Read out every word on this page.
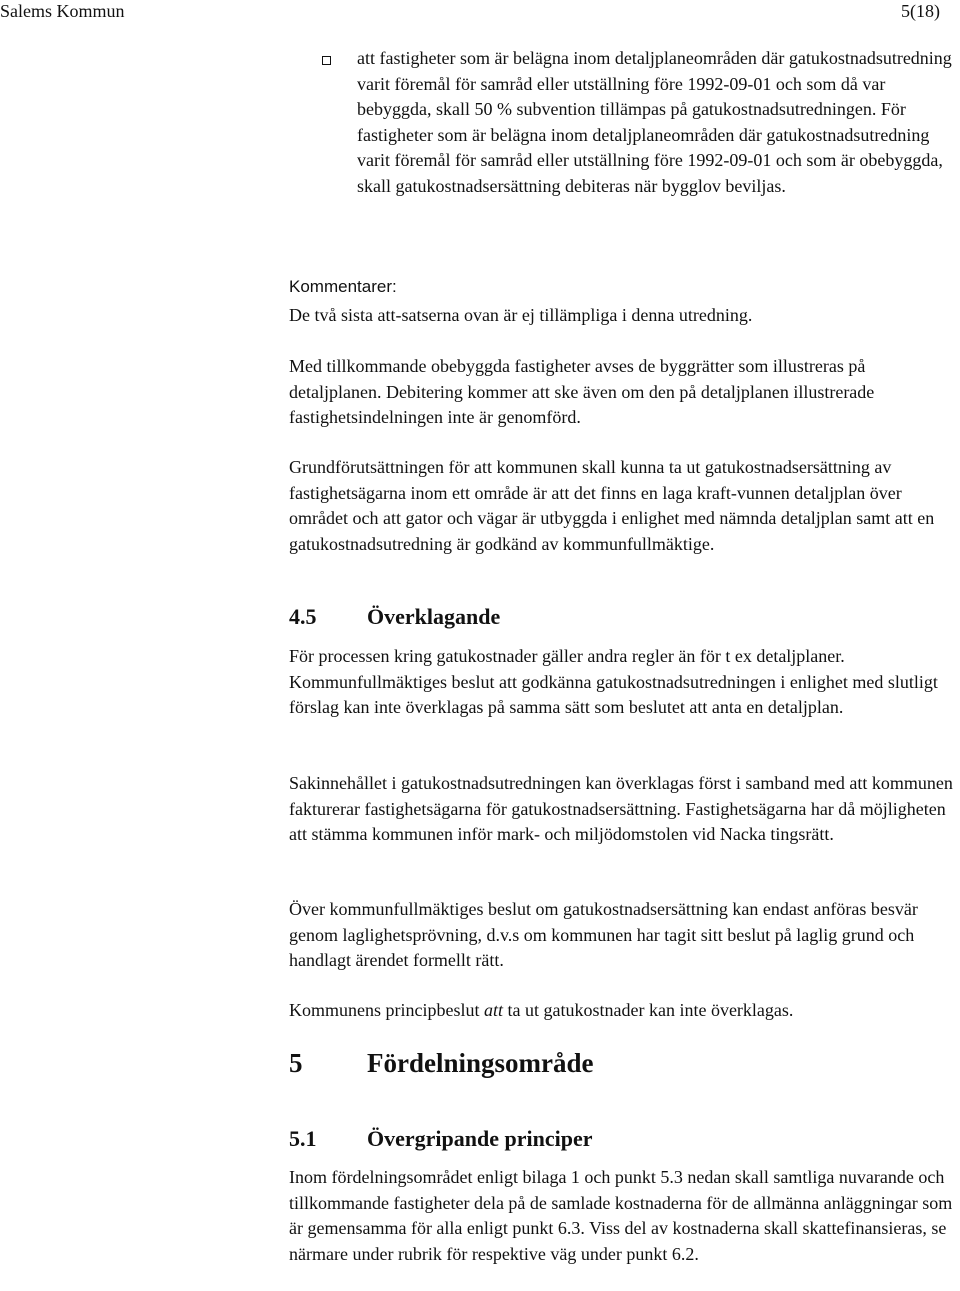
Salems Kommun	5(18)
att fastigheter som är belägna inom detaljplaneområden där gatukostnadsutredning varit föremål för samråd eller utställning före 1992-09-01 och som då var bebyggda, skall 50 % subvention tillämpas på gatukostnadsutredningen. För fastigheter som är belägna inom detaljplaneområden där gatukostnadsutredning varit föremål för samråd eller utställning före 1992-09-01 och som är obebyggda, skall gatukostnadsersättning debiteras när bygglov beviljas.
Kommentarer:
De två sista att-satserna ovan är ej tillämpliga i denna utredning.
Med tillkommande obebyggda fastigheter avses de byggrätter som illustreras på detaljplanen. Debitering kommer att ske även om den på detaljplanen illustrerade fastighetsindelningen inte är genomförd.
Grundförutsättningen för att kommunen skall kunna ta ut gatukostnadsersättning av fastighetsägarna inom ett område är att det finns en laga kraft-vunnen detaljplan över området och att gator och vägar är utbyggda i enlighet med nämnda detaljplan samt att en gatukostnadsutredning är godkänd av kommunfullmäktige.
4.5 Överklagande
För processen kring gatukostnader gäller andra regler än för t ex detaljplaner. Kommunfullmäktiges beslut att godkänna gatukostnadsutredningen i enlighet med slutligt förslag kan inte överklagas på samma sätt som beslutet att anta en detaljplan.
Sakinnehållet i gatukostnadsutredningen kan överklagas först i samband med att kommunen fakturerar fastighetsägarna för gatukostnadsersättning. Fastighetsägarna har då möjligheten att stämma kommunen inför mark- och miljödomstolen vid Nacka tingsrätt.
Över kommunfullmäktiges beslut om gatukostnadsersättning kan endast anföras besvär genom laglighetsprövning, d.v.s om kommunen har tagit sitt beslut på laglig grund och handlagt ärendet formellt rätt.
Kommunens principbeslut att ta ut gatukostnader kan inte överklagas.
5 Fördelningsområde
5.1 Övergripande principer
Inom fördelningsområdet enligt bilaga 1 och punkt 5.3 nedan skall samtliga nuvarande och tillkommande fastigheter dela på de samlade kostnaderna för de allmänna anläggningar som är gemensamma för alla enligt punkt 6.3. Viss del av kostnaderna skall skattefinansieras, se närmare under rubrik för respektive väg under punkt 6.2.
